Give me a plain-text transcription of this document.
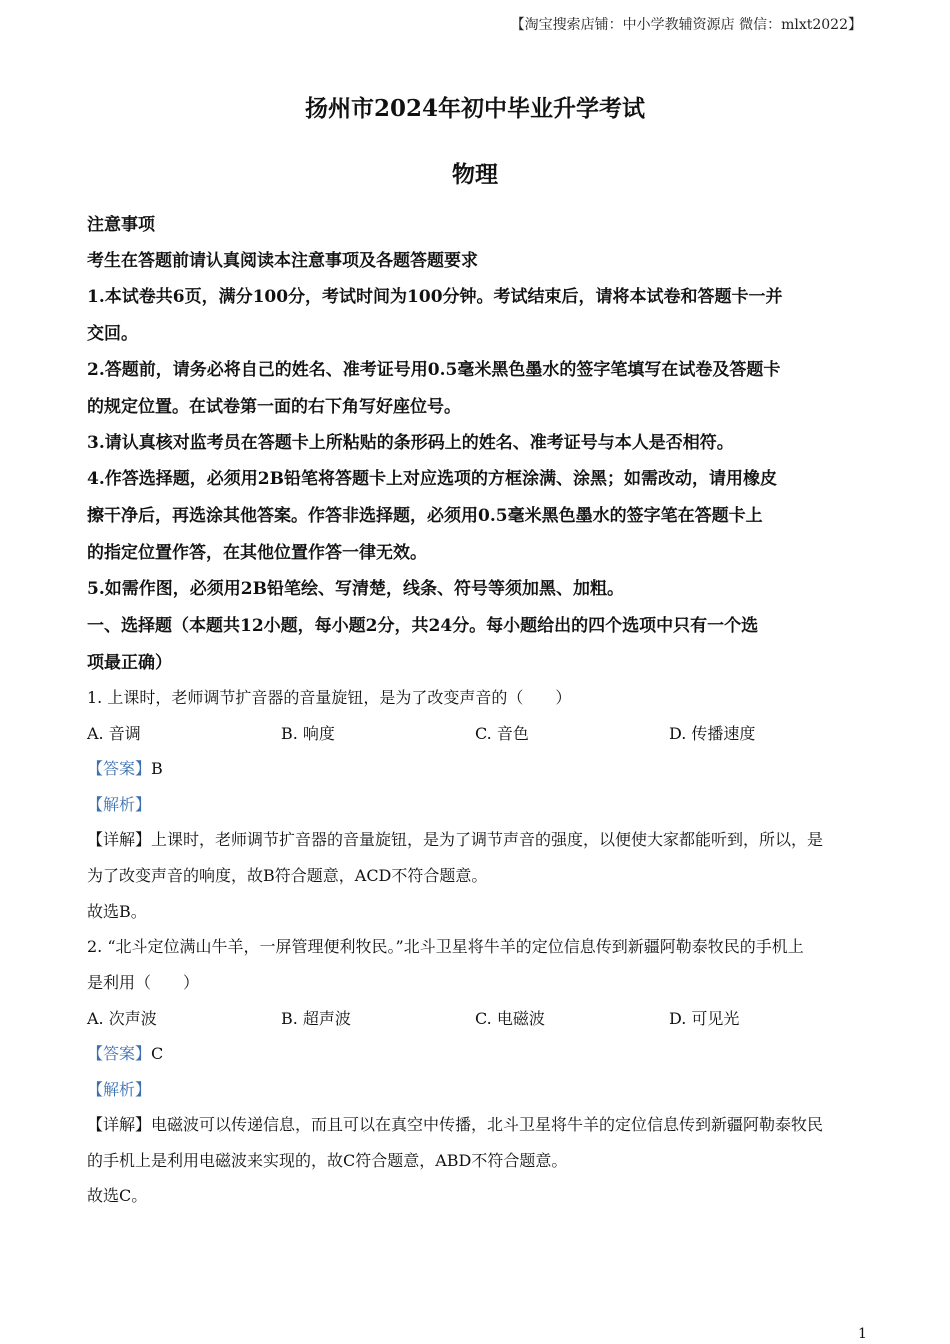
【淘宝搜索店铺：中小学教辅资源店 微信：mlxt2022】
扬州市2024年初中毕业升学考试
物理
注意事项
考生在答题前请认真阅读本注意事项及各题答题要求
1.本试卷共6页，满分100分，考试时间为100分钟。考试结束后，请将本试卷和答题卡一并
交回。
2.答题前，请务必将自己的姓名、准考证号用0.5毫米黑色墨水的签字笔填写在试卷及答题卡
的规定位置。在试卷第一面的右下角写好座位号。
3.请认真核对监考员在答题卡上所粘贴的条形码上的姓名、准考证号与本人是否相符。
4.作答选择题，必须用2B铅笔将答题卡上对应选项的方框涂满、涂黑；如需改动，请用橡皮
擦干净后，再选涂其他答案。作答非选择题，必须用0.5毫米黑色墨水的签字笔在答题卡上
的指定位置作答，在其他位置作答一律无效。
5.如需作图，必须用2B铅笔绘、写清楚，线条、符号等须加黑、加粗。
一、选择题（本题共12小题，每小题2分，共24分。每小题给出的四个选项中只有一个选
项最正确）
1. 上课时，老师调节扩音器的音量旋钮，是为了改变声音的（　　）
A. 音调	B. 响度	C. 音色	D. 传播速度
【答案】B
【解析】
【详解】上课时，老师调节扩音器的音量旋钮，是为了调节声音的强度，以便使大家都能听到，所以，是
为了改变声音的响度，故B符合题意，ACD不符合题意。
故选B。
2. “北斗定位满山牛羊，一屏管理便利牧民。”北斗卫星将牛羊的定位信息传到新疆阿勒泰牧民的手机上
是利用（　　）
A. 次声波	B. 超声波	C. 电磁波	D. 可见光
【答案】C
【解析】
【详解】电磁波可以传递信息，而且可以在真空中传播，北斗卫星将牛羊的定位信息传到新疆阿勒泰牧民
的手机上是利用电磁波来实现的，故C符合题意，ABD不符合题意。
故选C。
1
